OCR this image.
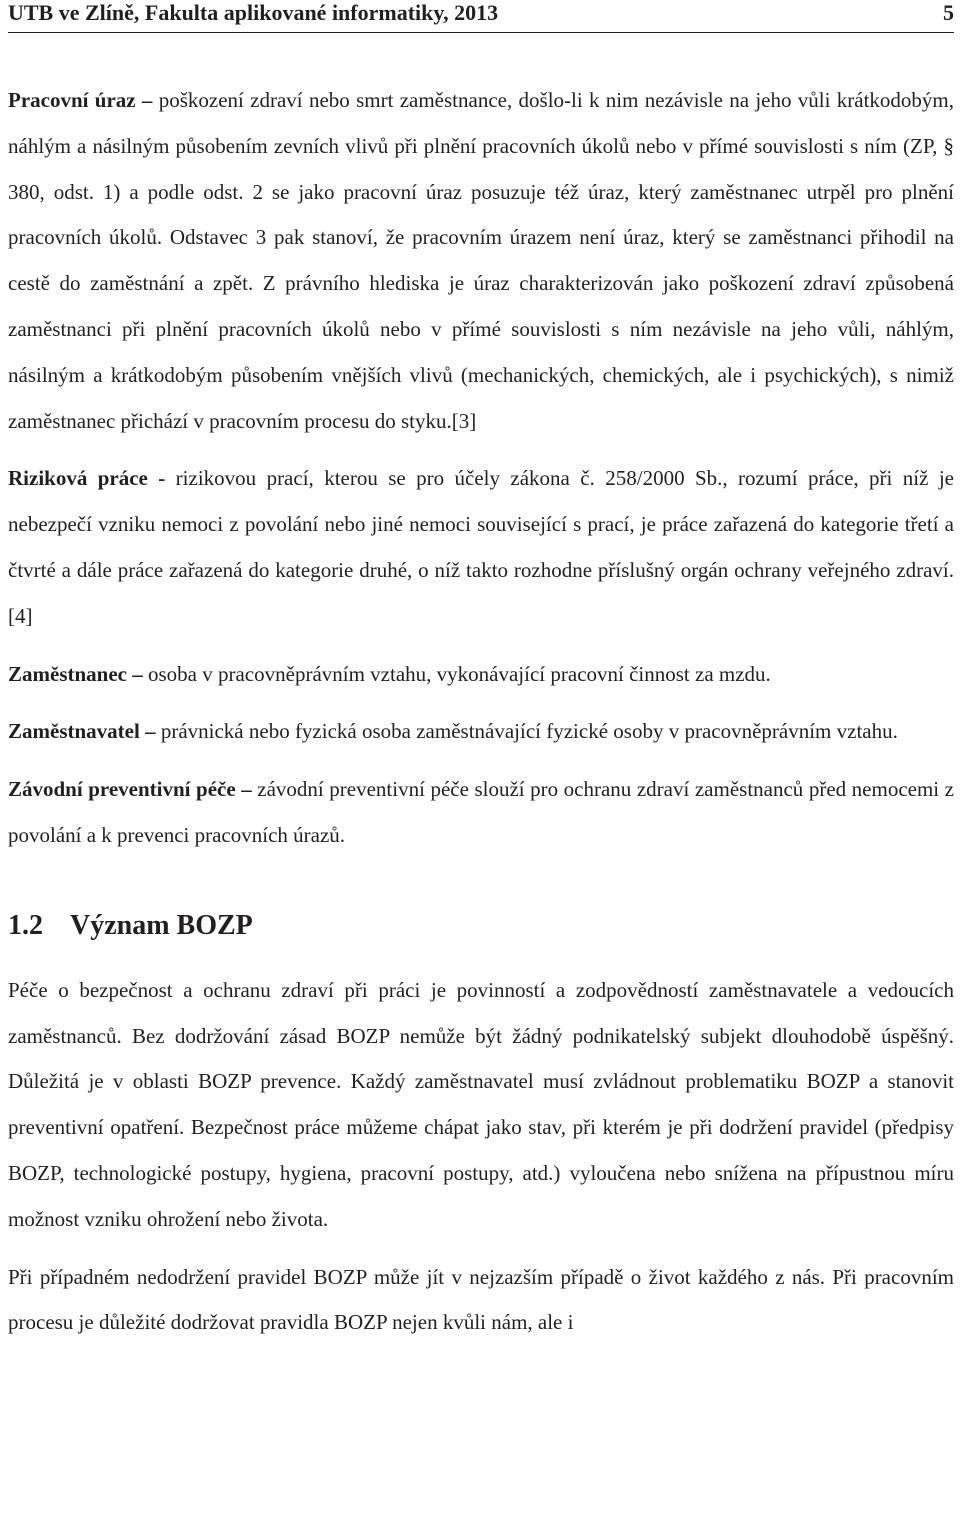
UTB ve Zlíně, Fakulta aplikované informatiky, 2013	5

Pracovní úraz – poškození zdraví nebo smrt zaměstnance, došlo-li k nim nezávisle na jeho vůli krátkodobým, náhlým a násilným působením zevních vlivů při plnění pracovních úkolů nebo v přímé souvislosti s ním (ZP, § 380, odst. 1) a podle odst. 2 se jako pracovní úraz posuzuje též úraz, který zaměstnanec utrpěl pro plnění pracovních úkolů. Odstavec 3 pak stanoví, že pracovním úrazem není úraz, který se zaměstnanci přihodil na cestě do zaměstnání a zpět. Z právního hlediska je úraz charakterizován jako poškození zdraví způsobená zaměstnanci při plnění pracovních úkolů nebo v přímé souvislosti s ním nezávisle na jeho vůli, náhlým, násilným a krátkodobým působením vnějších vlivů (mechanických, chemických, ale i psychických), s nimiž zaměstnanec přichází v pracovním procesu do styku.[3]

Riziková práce - rizikovou prací, kterou se pro účely zákona č. 258/2000 Sb., rozumí práce, při níž je nebezpečí vzniku nemoci z povolání nebo jiné nemoci související s prací, je práce zařazená do kategorie třetí a čtvrté a dále práce zařazená do kategorie druhé, o níž takto rozhodne příslušný orgán ochrany veřejného zdraví.[4]

Zaměstnanec – osoba v pracovněprávním vztahu, vykonávající pracovní činnost za mzdu.

Zaměstnavatel – právnická nebo fyzická osoba zaměstnávající fyzické osoby v pracovněprávním vztahu.

Závodní preventivní péče – závodní preventivní péče slouží pro ochranu zdraví zaměstnanců před nemocemi z povolání a k prevenci pracovních úrazů.

1.2 Význam BOZP

Péče o bezpečnost a ochranu zdraví při práci je povinností a zodpovědností zaměstnavatele a vedoucích zaměstnanců. Bez dodržování zásad BOZP nemůže být žádný podnikatelský subjekt dlouhodobě úspěšný. Důležitá je v oblasti BOZP prevence. Každý zaměstnavatel musí zvládnout problematiku BOZP a stanovit preventivní opatření. Bezpečnost práce můžeme chápat jako stav, při kterém je při dodržení pravidel (předpisy BOZP, technologické postupy, hygiena, pracovní postupy, atd.) vyloučena nebo snížena na přípustnou míru možnost vzniku ohrožení nebo života.

Při případném nedodržení pravidel BOZP může jít v nejzazším případě o život každého z nás. Při pracovním procesu je důležité dodržovat pravidla BOZP nejen kvůli nám, ale i
